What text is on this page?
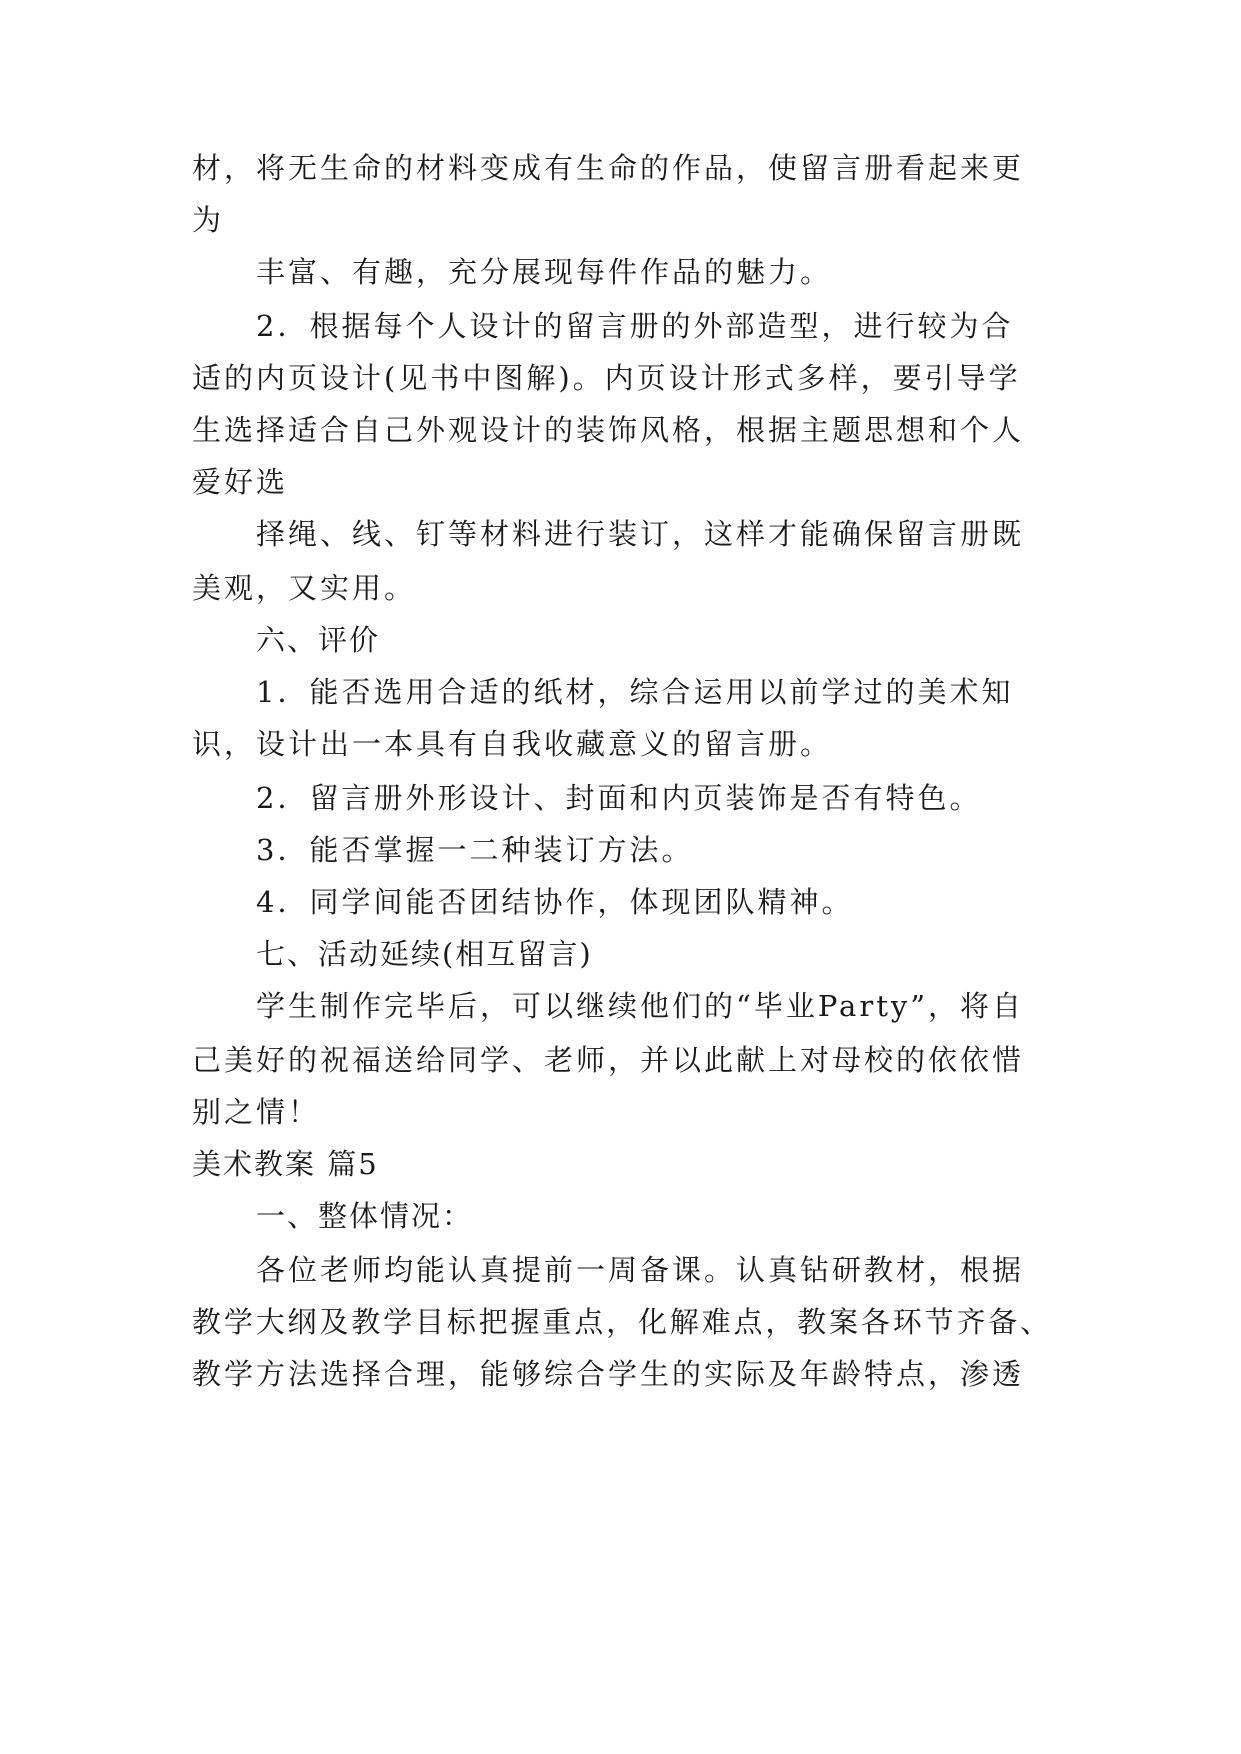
材，将无生命的材料变成有生命的作品，使留言册看起来更
为
丰富、有趣，充分展现每件作品的魅力。
2．根据每个人设计的留言册的外部造型，进行较为合
适的内页设计(见书中图解)。内页设计形式多样，要引导学
生选择适合自己外观设计的装饰风格，根据主题思想和个人
爱好选
择绳、线、钉等材料进行装订，这样才能确保留言册既
美观，又实用。
六、评价
1．能否选用合适的纸材，综合运用以前学过的美术知
识，设计出一本具有自我收藏意义的留言册。
2．留言册外形设计、封面和内页装饰是否有特色。
3．能否掌握一二种装订方法。
4．同学间能否团结协作，体现团队精神。
七、活动延续(相互留言)
学生制作完毕后，可以继续他们的“毕业Party”，将自
己美好的祝福送给同学、老师，并以此献上对母校的依依惜
别之情！
美术教案 篇5
一、整体情况：
各位老师均能认真提前一周备课。认真钻研教材，根据
教学大纲及教学目标把握重点，化解难点，教案各环节齐备、
教学方法选择合理，能够综合学生的实际及年龄特点，渗透
